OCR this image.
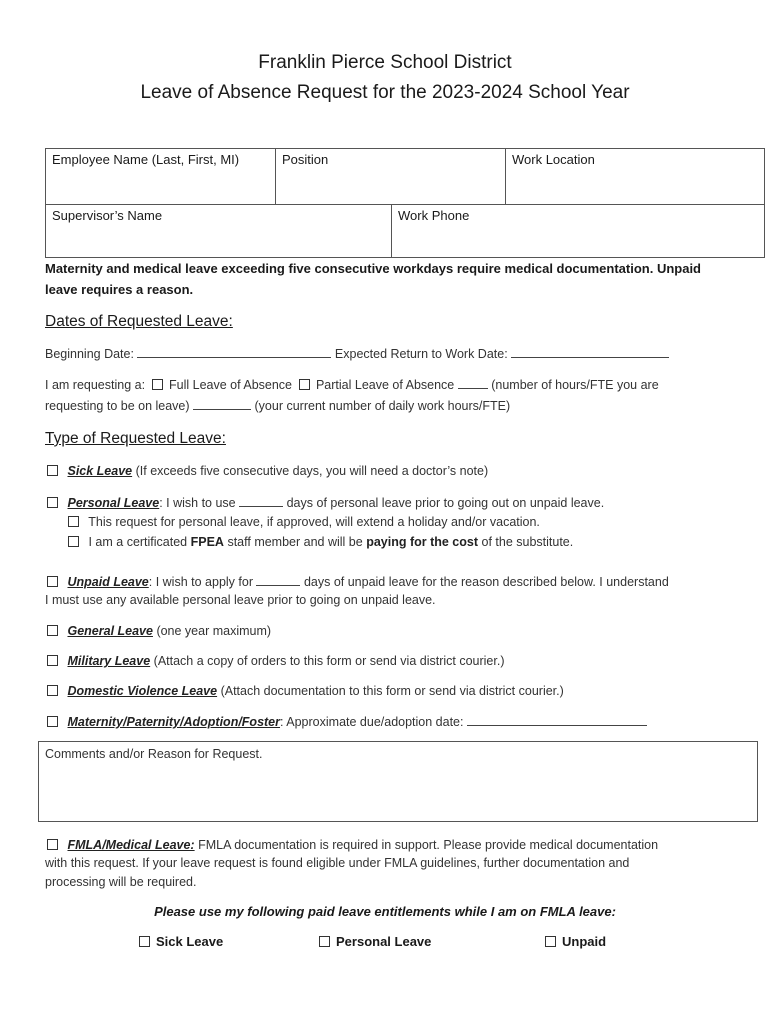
Franklin Pierce School District
Leave of Absence Request for the 2023-2024 School Year
Employee Name (Last, First, MI)	Position	Work Location
Supervisor’s Name	Work Phone
Maternity and medical leave exceeding five consecutive workdays require medical documentation. Unpaid
leave requires a reason.
Dates of Requested Leave:
Beginning Date:	Expected Return to Work Date:
I am requesting a: Full Leave of Absence Partial Leave of Absence	(number of hours/FTE you are
requesting to be on leave)	(your current number of daily work hours/FTE)
Type of Requested Leave:
Sick Leave (If exceeds five consecutive days, you will need a doctor’s note)
Personal Leave: I wish to use	days of personal leave prior to going out on unpaid leave.
This request for personal leave, if approved, will extend a holiday and/or vacation.
I am a certificated FPEA staff member and will be paying for the cost of the substitute.
Unpaid Leave: I wish to apply for	days of unpaid leave for the reason described below. I understand
I must use any available personal leave prior to going on unpaid leave.
General Leave (one year maximum)
Military Leave (Attach a copy of orders to this form or send via district courier.)
Domestic Violence Leave (Attach documentation to this form or send via district courier.)
Maternity/Paternity/Adoption/Foster: Approximate due/adoption date:
Comments and/or Reason for Request.
FMLA/Medical Leave: FMLA documentation is required in support. Please provide medical documentation
with this request. If your leave request is found eligible under FMLA guidelines, further documentation and
processing will be required.
Please use my following paid leave entitlements while I am on FMLA leave:
Sick Leave	Personal Leave	Unpaid
